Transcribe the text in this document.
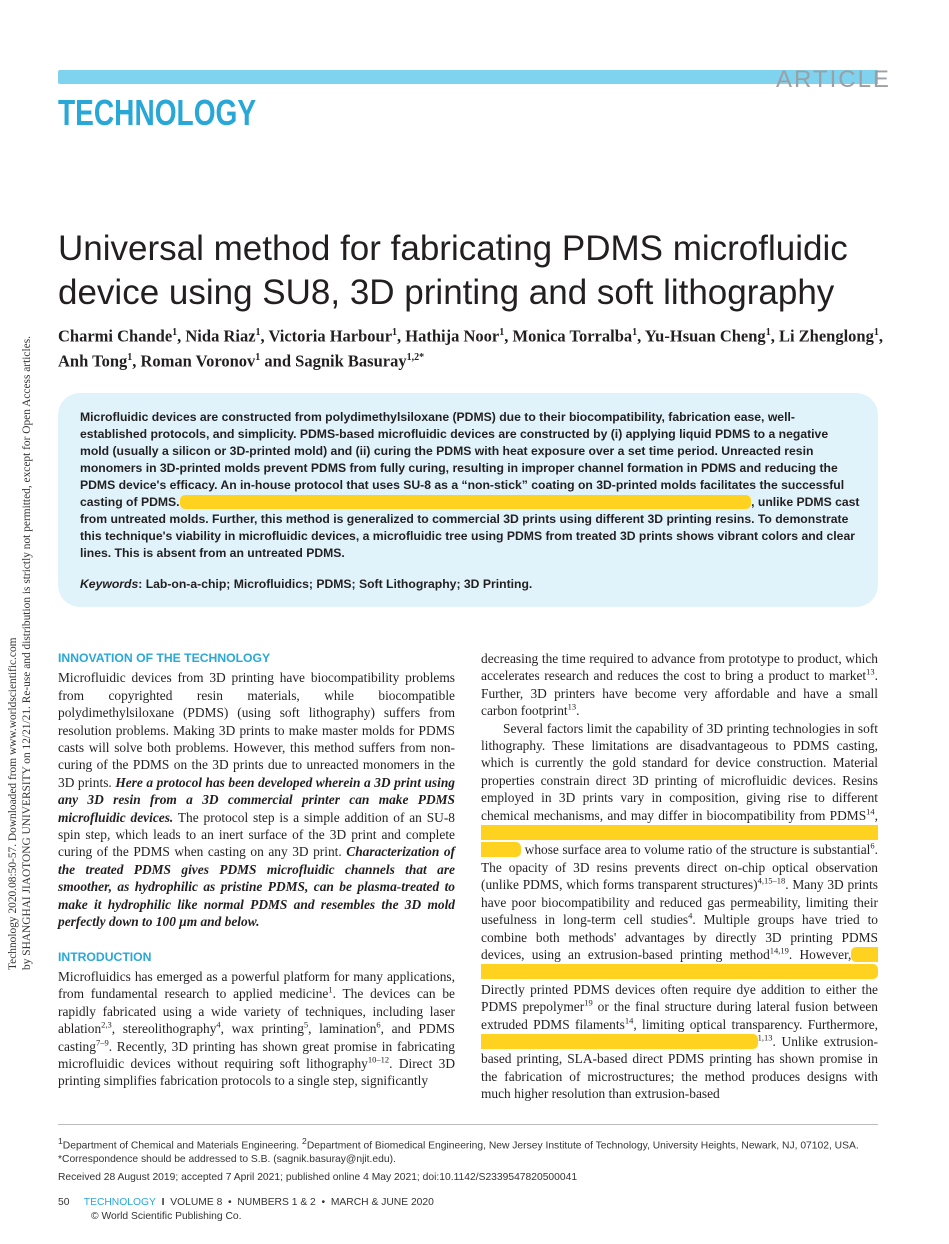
Technology 2020.08:50-57. Downloaded from www.worldscientific.com by SHANGHAI JIAOTONG UNIVERSITY on 12/21/21. Re-use and distribution is strictly not permitted, except for Open Access articles.
ARTICLE
TECHNOLOGY
Universal method for fabricating PDMS microfluidic device using SU8, 3D printing and soft lithography
Charmi Chande$^1$, Nida Riaz$^1$, Victoria Harbour$^1$, Hathija Noor$^1$, Monica Torralba$^1$, Yu-Hsuan Cheng$^1$, Li Zhenglong$^1$, Anh Tong$^1$, Roman Voronov$^1$ and Sagnik Basuray$^{1,2*}$
Microfluidic devices are constructed from polydimethylsiloxane (PDMS) due to their biocompatibility, fabrication ease, well-established protocols, and simplicity. PDMS-based microfluidic devices are constructed by (i) applying liquid PDMS to a negative mold (usually a silicon or 3D-printed mold) and (ii) curing the PDMS with heat exposure over a set time period. Unreacted resin monomers in 3D-printed molds prevent PDMS from fully curing, resulting in improper channel formation in PDMS and reducing the PDMS device's efficacy. An in-house protocol that uses SU-8 as a “non-stick” coating on 3D-printed molds facilitates the successful casting of PDMS.	, unlike PDMS cast from untreated molds. Further, this method is generalized to commercial 3D prints using different 3D printing resins. To demonstrate this technique's viability in microfluidic devices, a microfluidic tree using PDMS from treated 3D prints shows vibrant colors and clear lines. This is absent from an untreated PDMS.
Keywords: Lab-on-a-chip; Microfluidics; PDMS; Soft Lithography; 3D Printing.
INNOVATION OF THE TECHNOLOGY

Microfluidic devices from 3D printing have biocompatibility problems from copyrighted resin materials, while biocompatible polydimethylsiloxane (PDMS) (using soft lithography) suffers from resolution problems. Making 3D prints to make master molds for PDMS casts will solve both problems. However, this method suffers from non-curing of the PDMS on the 3D prints due to unreacted monomers in the 3D prints. Here a protocol has been developed wherein a 3D print using any 3D resin from a 3D commercial printer can make PDMS microfluidic devices. The protocol step is a simple addition of an SU-8 spin step, which leads to an inert surface of the 3D print and complete curing of the PDMS when casting on any 3D print. Characterization of the treated PDMS gives PDMS microfluidic channels that are smoother, as hydrophilic as pristine PDMS, can be plasma-treated to make it hydrophilic like normal PDMS and resembles the 3D mold perfectly down to 100 μm and below.

INTRODUCTION

Microfluidics has emerged as a powerful platform for many applications, from fundamental research to applied medicine$^1$. The devices can be rapidly fabricated using a wide variety of techniques, including laser ablation$^{2,3}$, stereolithography$^4$, wax printing$^5$, lamination$^6$, and PDMS casting$^{7-9}$. Recently, 3D printing has shown great promise in fabricating microfluidic devices without requiring soft lithography$^{10-12}$. Direct 3D printing simplifies fabrication protocols to a single step, significantly

decreasing the time required to advance from prototype to product, which accelerates research and reduces the cost to bring a product to market$^{13}$. Further, 3D printers have become very affordable and have a small carbon footprint$^{13}$.

Several factors limit the capability of 3D printing technologies in soft lithography. These limitations are disadvantageous to PDMS casting, which is currently the gold standard for device construction. Material properties constrain direct 3D printing of microfluidic devices. Resins employed in 3D prints vary in composition, giving rise to different chemical mechanisms, and may differ in biocompatibility from PDMS$^{14}$, whose surface area to volume ratio of the structure is substantial$^6$. The opacity of 3D resins prevents direct on-chip optical observation (unlike PDMS, which forms transparent structures)$^{4,15-18}$. Many 3D prints have poor biocompatibility and reduced gas permeability, limiting their usefulness in long-term cell studies$^4$. Multiple groups have tried to combine both methods' advantages by directly 3D printing PDMS devices, using an extrusion-based printing method$^{14,19}$. However, Directly printed PDMS devices often require dye addition to either the PDMS prepolymer$^{19}$ or the final structure during lateral fusion between extruded PDMS filaments$^{14}$, limiting optical transparency. Furthermore,$^{1,13}$. Unlike extrusion-based printing, SLA-based direct PDMS printing has shown promise in the fabrication of microstructures; the method produces designs with much higher resolution than extrusion-based

$^1$Department of Chemical and Materials Engineering. $^2$Department of Biomedical Engineering, New Jersey Institute of Technology, University Heights, Newark, NJ, 07102, USA.
*Correspondence should be addressed to S.B. (sagnik.basuray@njit.edu).
Received 28 August 2019; accepted 7 April 2021; published online 4 May 2021; doi:10.1142/S2339547820500041
50 TECHNOLOGY I VOLUME 8 • NUMBERS 1 & 2 • MARCH & JUNE 2020
© World Scientific Publishing Co.
